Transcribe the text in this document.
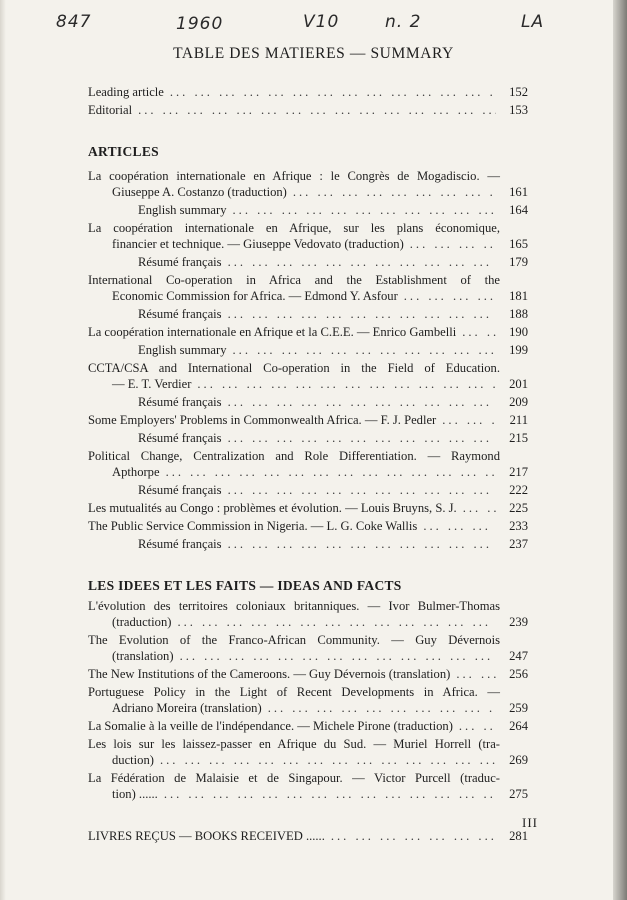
847	1960	V10	n. 2	LA
TABLE DES MATIERES — SUMMARY
Leading article ... .	152
Editorial ... .	153
ARTICLES
La coopération internationale en Afrique : le Congrès de Mogadiscio. —
Giuseppe A. Costanzo (traduction) ... .	161
English summary ... .	164
La coopération internationale en Afrique, sur les plans économique,
financier et technique. — Giuseppe Vedovato (traduction) ... .	165
Résumé français ... .	179
International Co-operation in Africa and the Establishment of the
Economic Commission for Africa. — Edmond Y. Asfour ... .	181
Résumé français ... .	188
La coopération internationale en Afrique et la C.E.E. — Enrico Gambelli ... .	190
English summary ... .	199
CCTA/CSA and International Co-operation in the Field of Education.
— E. T. Verdier ... .	201
Résumé français ... .	209
Some Employers' Problems in Commonwealth Africa. — F. J. Pedler ... .	211
Résumé français ... .	215
Political Change, Centralization and Role Differentiation. — Raymond
Apthorpe ... .	217
Résumé français ... .	222
Les mutualités au Congo : problèmes et évolution. — Louis Bruyns, S. J. ... .	225
The Public Service Commission in Nigeria. — L. G. Coke Wallis ... .	233
Résumé français ... .	237
LES IDEES ET LES FAITS — IDEAS AND FACTS
L'évolution des territoires coloniaux britanniques. — Ivor Bulmer-Thomas
(traduction) ... .	239
The Evolution of the Franco-African Community. — Guy Dévernois
(translation) ... .	247
The New Institutions of the Cameroons. — Guy Dévernois (translation) ... .	256
Portuguese Policy in the Light of Recent Developments in Africa. —
Adriano Moreira (translation) ... .	259
La Somalie à la veille de l'indépendance. — Michele Pirone (traduction) ... .	264
Les lois sur les laissez-passer en Afrique du Sud. — Muriel Horrell (tra-
duction) ... .	269
La Fédération de Malaisie et de Singapour. — Victor Purcell (traduc-
tion) ...... ... .	275
LIVRES REÇUS — BOOKS RECEIVED ...... ... .	281
III
